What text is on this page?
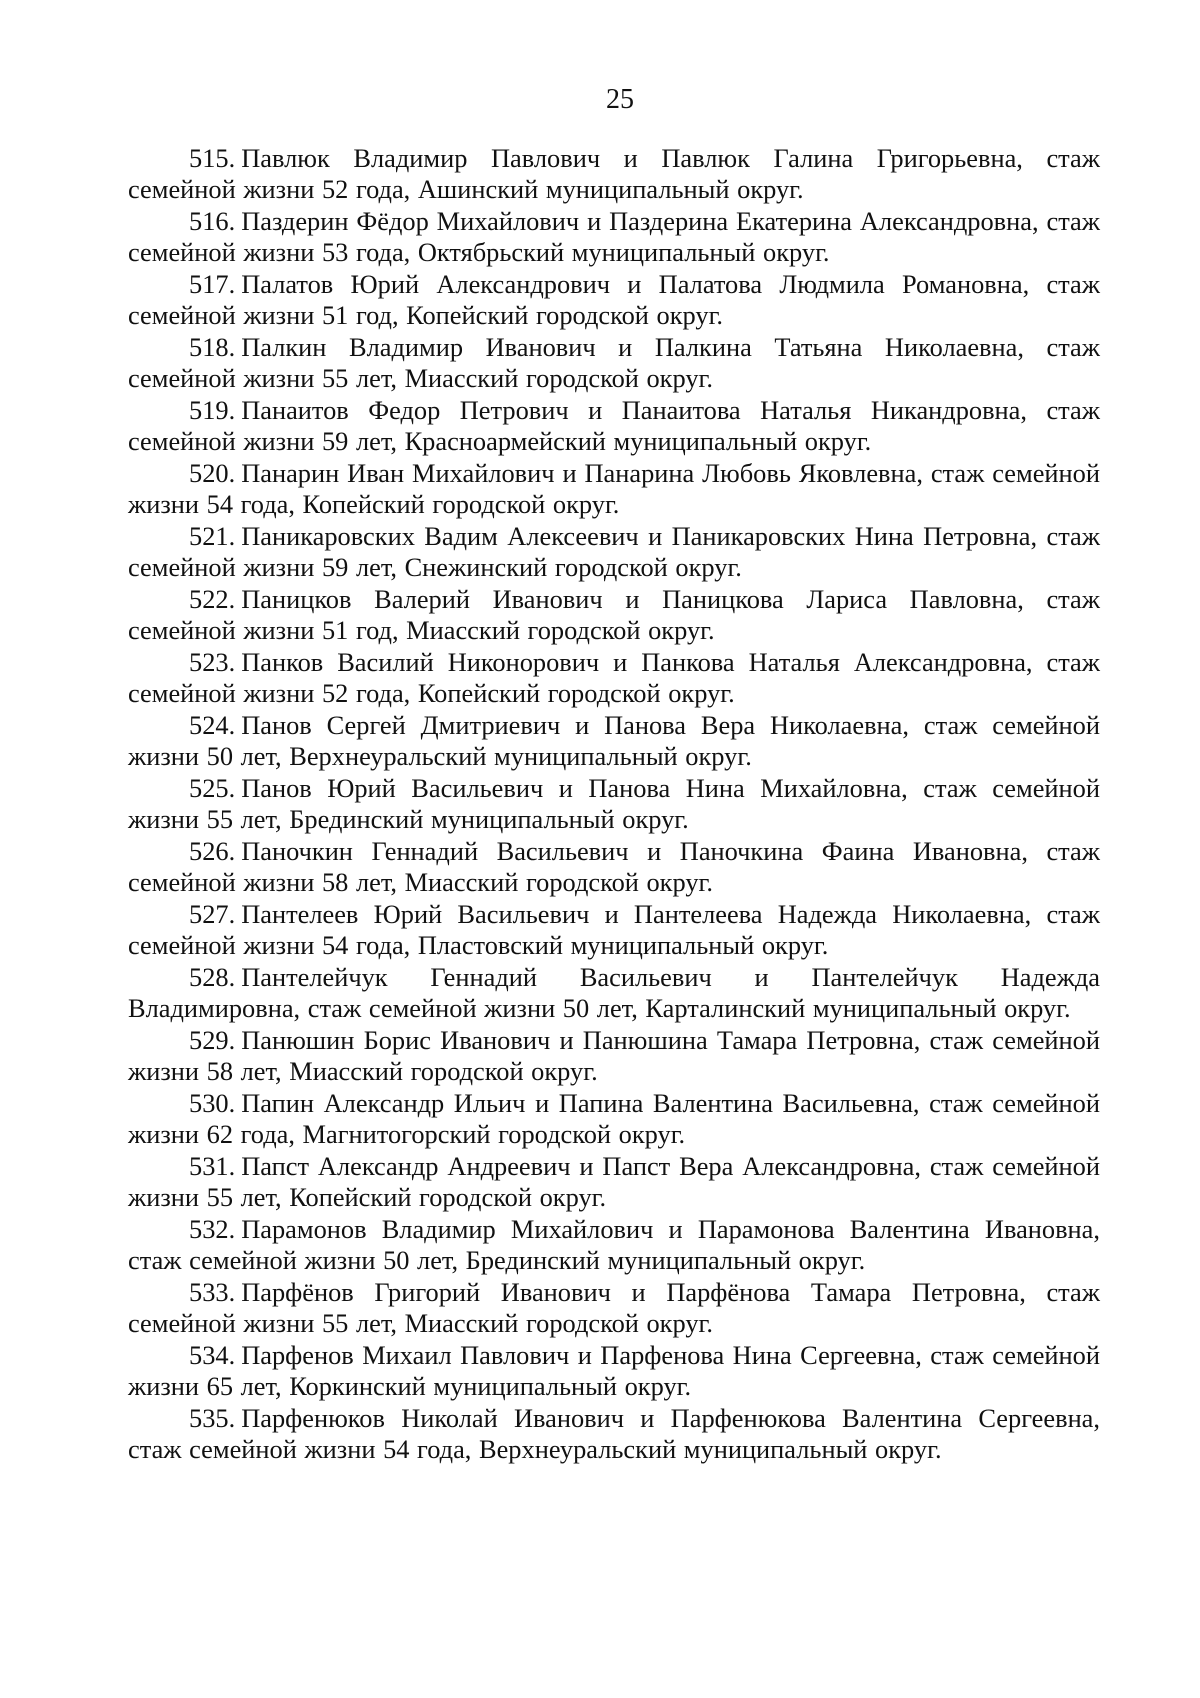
25
515. Павлюк Владимир Павлович и Павлюк Галина Григорьевна, стаж семейной жизни 52 года, Ашинский муниципальный округ.
516. Паздерин Фёдор Михайлович и Паздерина Екатерина Александровна, стаж семейной жизни 53 года, Октябрьский муниципальный округ.
517. Палатов Юрий Александрович и Палатова Людмила Романовна, стаж семейной жизни 51 год, Копейский городской округ.
518. Палкин Владимир Иванович и Палкина Татьяна Николаевна, стаж семейной жизни 55 лет, Миасский городской округ.
519. Панаитов Федор Петрович и Панаитова Наталья Никандровна, стаж семейной жизни 59 лет, Красноармейский муниципальный округ.
520. Панарин Иван Михайлович и Панарина Любовь Яковлевна, стаж семейной жизни 54 года, Копейский городской округ.
521. Паникаровских Вадим Алексеевич и Паникаровских Нина Петровна, стаж семейной жизни 59 лет, Снежинский городской округ.
522. Паницков Валерий Иванович и Паницкова Лариса Павловна, стаж семейной жизни 51 год, Миасский городской округ.
523. Панков Василий Никонорович и Панкова Наталья Александровна, стаж семейной жизни 52 года, Копейский городской округ.
524. Панов Сергей Дмитриевич и Панова Вера Николаевна, стаж семейной жизни 50 лет, Верхнеуральский муниципальный округ.
525. Панов Юрий Васильевич и Панова Нина Михайловна, стаж семейной жизни 55 лет, Брединский муниципальный округ.
526. Паночкин Геннадий Васильевич и Паночкина Фаина Ивановна, стаж семейной жизни 58 лет, Миасский городской округ.
527. Пантелеев Юрий Васильевич и Пантелеева Надежда Николаевна, стаж семейной жизни 54 года, Пластовский муниципальный округ.
528. Пантелейчук Геннадий Васильевич и Пантелейчук Надежда Владимировна, стаж семейной жизни 50 лет, Карталинский муниципальный округ.
529. Панюшин Борис Иванович и Панюшина Тамара Петровна, стаж семейной жизни 58 лет, Миасский городской округ.
530. Папин Александр Ильич и Папина Валентина Васильевна, стаж семейной жизни 62 года, Магнитогорский городской округ.
531. Папст Александр Андреевич и Папст Вера Александровна, стаж семейной жизни 55 лет, Копейский городской округ.
532. Парамонов Владимир Михайлович и Парамонова Валентина Ивановна, стаж семейной жизни 50 лет, Брединский муниципальный округ.
533. Парфёнов Григорий Иванович и Парфёнова Тамара Петровна, стаж семейной жизни 55 лет, Миасский городской округ.
534. Парфенов Михаил Павлович и Парфенова Нина Сергеевна, стаж семейной жизни 65 лет, Коркинский муниципальный округ.
535. Парфенюков Николай Иванович и Парфенюкова Валентина Сергеевна, стаж семейной жизни 54 года, Верхнеуральский муниципальный округ.
